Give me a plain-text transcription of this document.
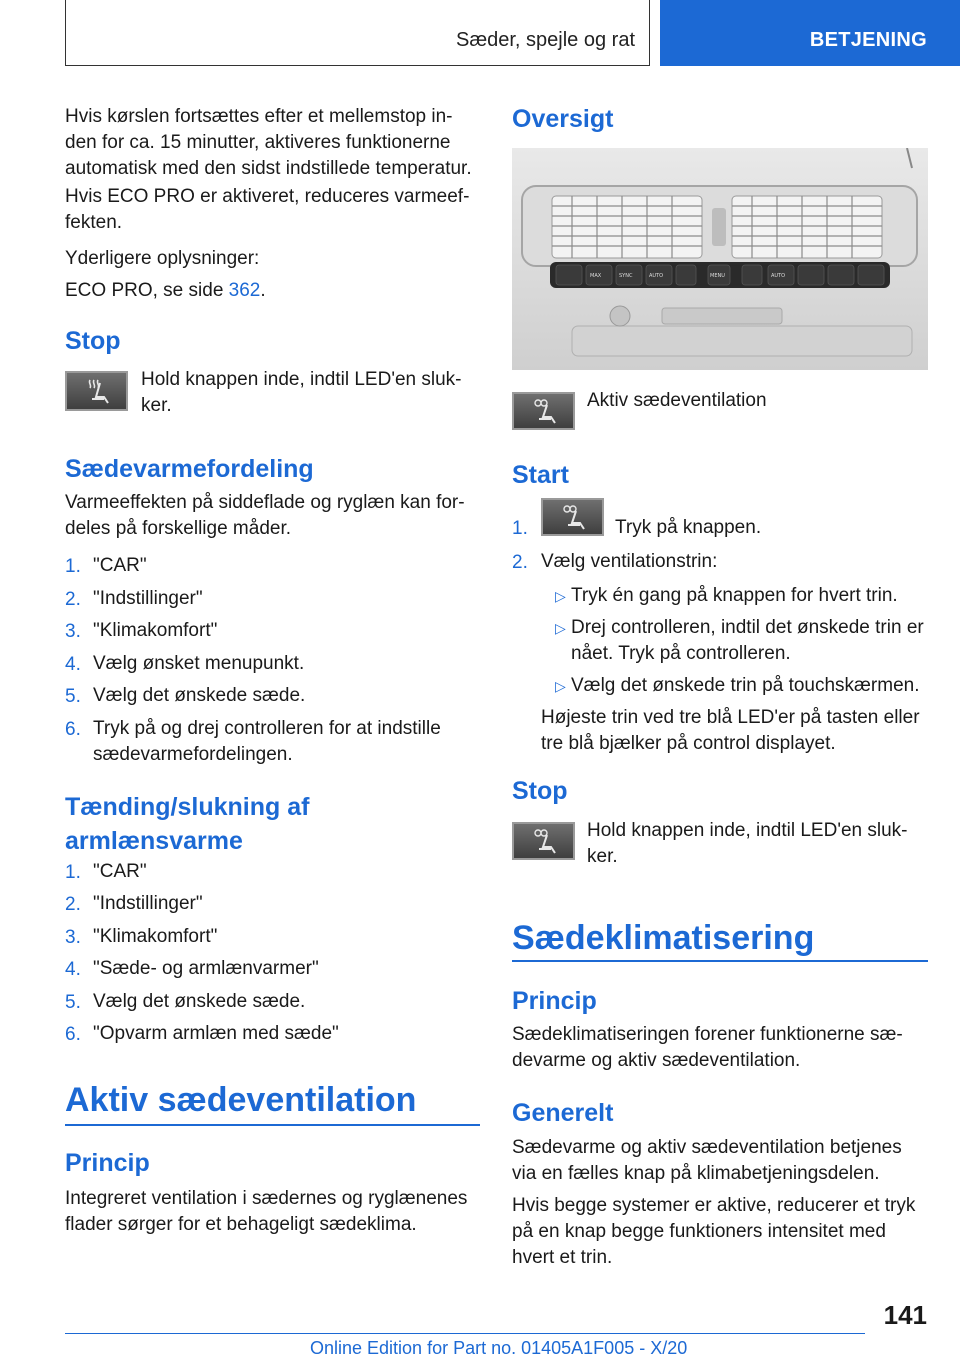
Sæder, spejle og rat	BETJENING
Hvis kørslen fortsættes efter et mellemstop in-
den for ca. 15 minutter, aktiveres funktionerne
automatisk med den sidst indstillede temperatur.
Hvis ECO PRO er aktiveret, reduceres varmeef-
fekten.
Yderligere oplysninger:
ECO PRO, se side 362.
Stop
Hold knappen inde, indtil LED'en sluk-
ker.
Sædevarmefordeling
Varmeeffekten på siddeflade og ryglæn kan for-
deles på forskellige måder.
1. "CAR"
2. "Indstillinger"
3. "Klimakomfort"
4. Vælg ønsket menupunkt.
5. Vælg det ønskede sæde.
6. Tryk på og drej controlleren for at indstille
sædevarmefordelingen.
Tænding/slukning af
armlænsvarme
1. "CAR"
2. "Indstillinger"
3. "Klimakomfort"
4. "Sæde- og armlænvarmer"
5. Vælg det ønskede sæde.
6. "Opvarm armlæn med sæde"
Aktiv sædeventilation
Princip
Integreret ventilation i sædernes og ryglænenes
flader sørger for et behageligt sædeklima.
Oversigt
MAX	SYNC	AUTO	MENU	AUTO
Aktiv sædeventilation
Start
1.	Tryk på knappen.
2. Vælg ventilationstrin:
▷ Tryk én gang på knappen for hvert trin.
▷ Drej controlleren, indtil det ønskede trin er
nået. Tryk på controlleren.
▷ Vælg det ønskede trin på touchskærmen.
Højeste trin ved tre blå LED'er på tasten eller
tre blå bjælker på control displayet.
Stop
Hold knappen inde, indtil LED'en sluk-
ker.
Sædeklimatisering
Princip
Sædeklimatiseringen forener funktionerne sæ-
devarme og aktiv sædeventilation.
Generelt
Sædevarme og aktiv sædeventilation betjenes
via en fælles knap på klimabetjeningsdelen.
Hvis begge systemer er aktive, reducerer et tryk
på en knap begge funktioners intensitet med
hvert et trin.
141
Online Edition for Part no. 01405A1F005 - X/20
